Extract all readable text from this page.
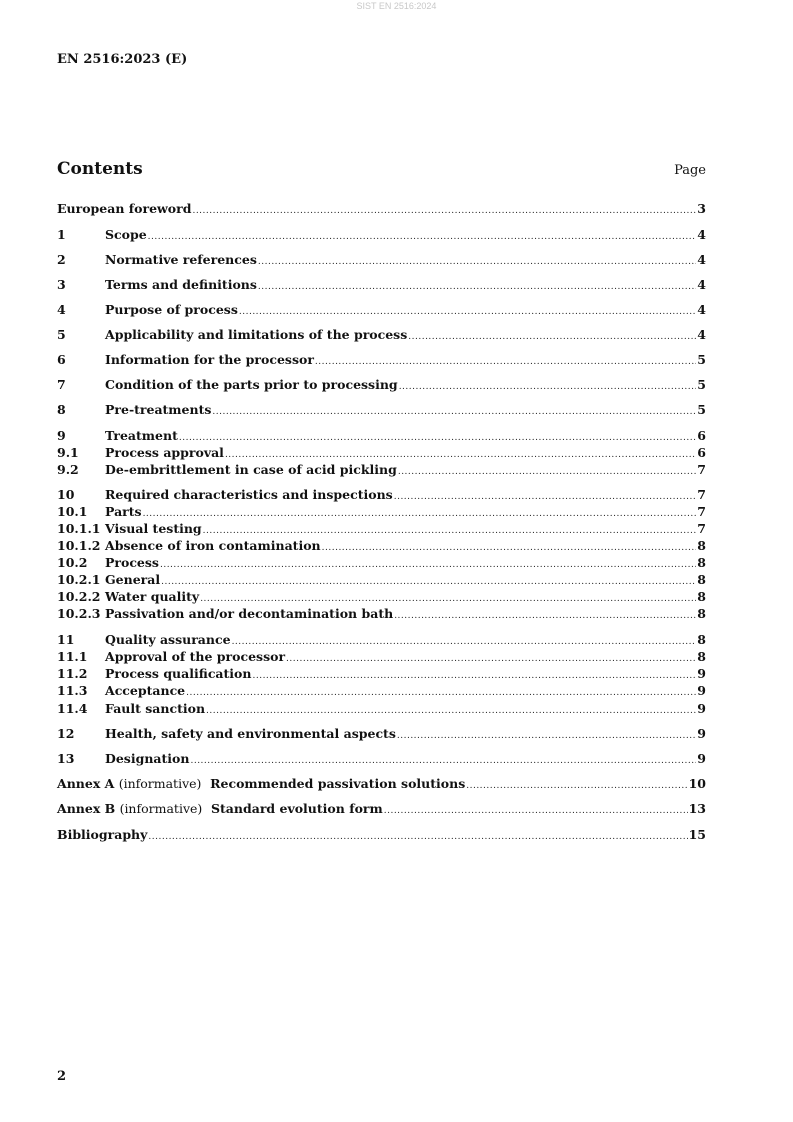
SIST EN 2516:2024
EN 2516:2023 (E)
Contents	Page
European foreword .....	3
1	Scope .....	4
2	Normative references .....	4
3	Terms and definitions .....	4
4	Purpose of process .....	4
5	Applicability and limitations of the process .....	4
6	Information for the processor .....	5
7	Condition of the parts prior to processing .....	5
8	Pre-treatments .....	5
9	Treatment .....	6
9.1	Process approval .....	6
9.2	De-embrittlement in case of acid pickling .....	7
10	Required characteristics and inspections .....	7
10.1	Parts .....	7
10.1.1 Visual testing .....	7
10.1.2 Absence of iron contamination .....	8
10.2	Process .....	8
10.2.1 General .....	8
10.2.2 Water quality .....	8
10.2.3 Passivation and/or decontamination bath .....	8
11	Quality assurance .....	8
11.1	Approval of the processor .....	8
11.2	Process qualification .....	9
11.3	Acceptance .....	9
11.4	Fault sanction .....	9
12	Health, safety and environmental aspects .....	9
13	Designation .....	9
Annex A (informative) Recommended passivation solutions .....	10
Annex B (informative) Standard evolution form .....	13
Bibliography .....	15
2
